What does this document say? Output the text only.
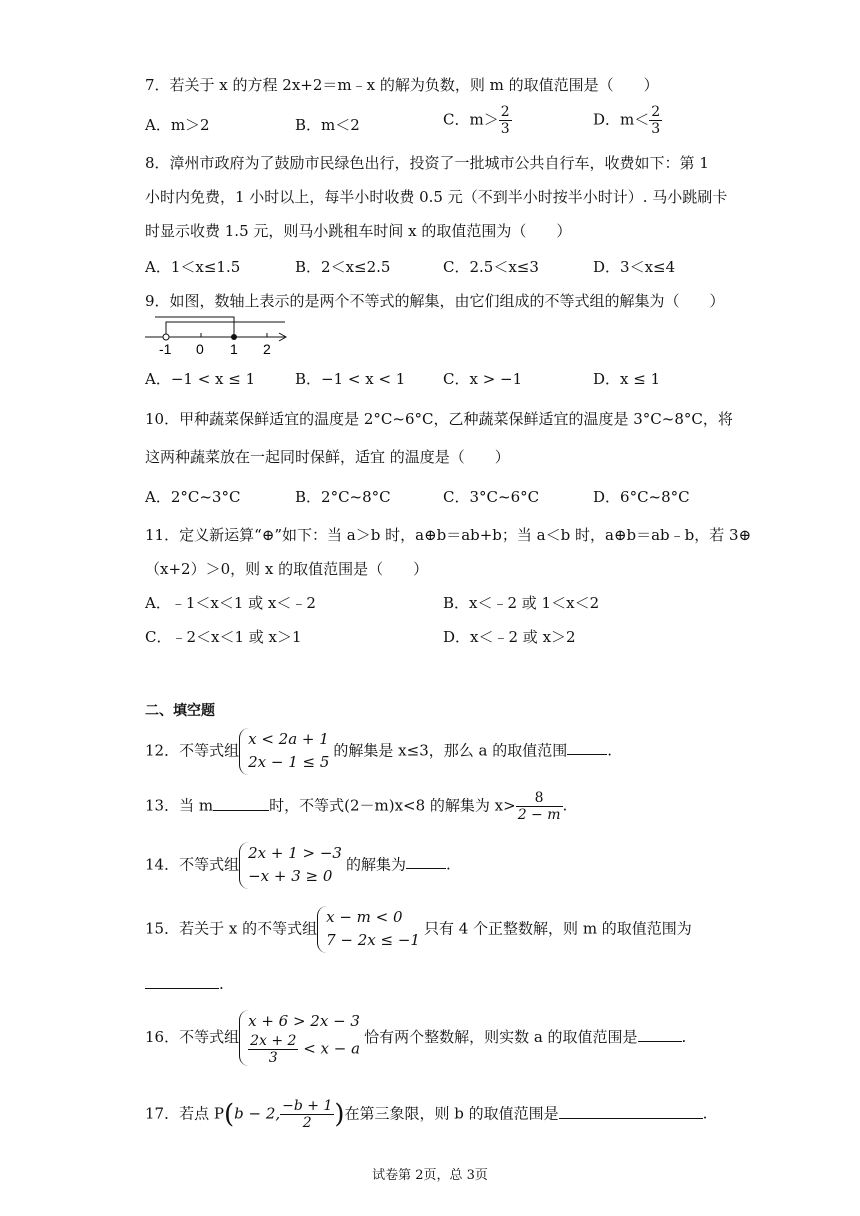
7．若关于 x 的方程 2x+2＝m﹣x 的解为负数，则 m 的取值范围是（　　）
A．m＞2	B．m＜2	C．$m> \frac{2}{3}$	D．$m< \frac{2}{3}$
8．漳州市政府为了鼓励市民绿色出行，投资了一批城市公共自行车，收费如下：第 1
小时内免费，1 小时以上，每半小时收费 0.5 元（不到半小时按半小时计）. 马小跳刷卡
时显示收费 1.5 元，则马小跳租车时间 x 的取值范围为（　　）
A．1＜x≤1.5	B．2＜x≤2.5	C．2.5＜x≤3	D．3＜x≤4
9．如图，数轴上表示的是两个不等式的解集，由它们组成的不等式组的解集为（　　）
-1 0 1 2
A．−1 < x ≤ 1	B．−1 < x < 1	C．x > −1	D．x ≤ 1
10．甲种蔬菜保鲜适宜的温度是 2°C~6°C，乙种蔬菜保鲜适宜的温度是 3°C~8°C，将
这两种蔬菜放在一起同时保鲜，适宜 的温度是（　　）
A．2°C~3°C	B．2°C~8°C	C．3°C~6°C	D．6°C~8°C
11．定义新运算“⊕”如下：当 a＞b 时，a⊕b＝ab+b；当 a＜b 时，a⊕b＝ab﹣b，若 3⊕
（x+2）＞0，则 x 的取值范围是（　　）
A．﹣1＜x＜1 或 x＜﹣2	B．x＜﹣2 或 1＜x＜2
C．﹣2＜x＜1 或 x＞1	D．x＜﹣2 或 x＞2
二、填空题
12．不等式组
x < 2a + 1
2x − 1 ≤ 5
的解集是 x≤3，那么 a 的取值范围	.
13．当 m	时，不等式(2－m)x<8 的解集为 $x> \frac{8}{2 - m}$ .
14．不等式组
2x + 1 > −3
−x + 3 ≥ 0
的解集为	.
15．若关于 x 的不等式组
x − m < 0
7 − 2x ≤ −1
只有 4 个正整数解，则 m 的取值范围为
.
16．不等式组
x + 6 > 2x − 3
$\frac{2x + 2}{3} < x - a$
恰有两个整数解，则实数 a 的取值范围是	.
17．若点 P(b − 2, $\frac{-b + 1}{2}$ )在第三象限，则 b 的取值范围是	.
试卷第 2页，总 3页
